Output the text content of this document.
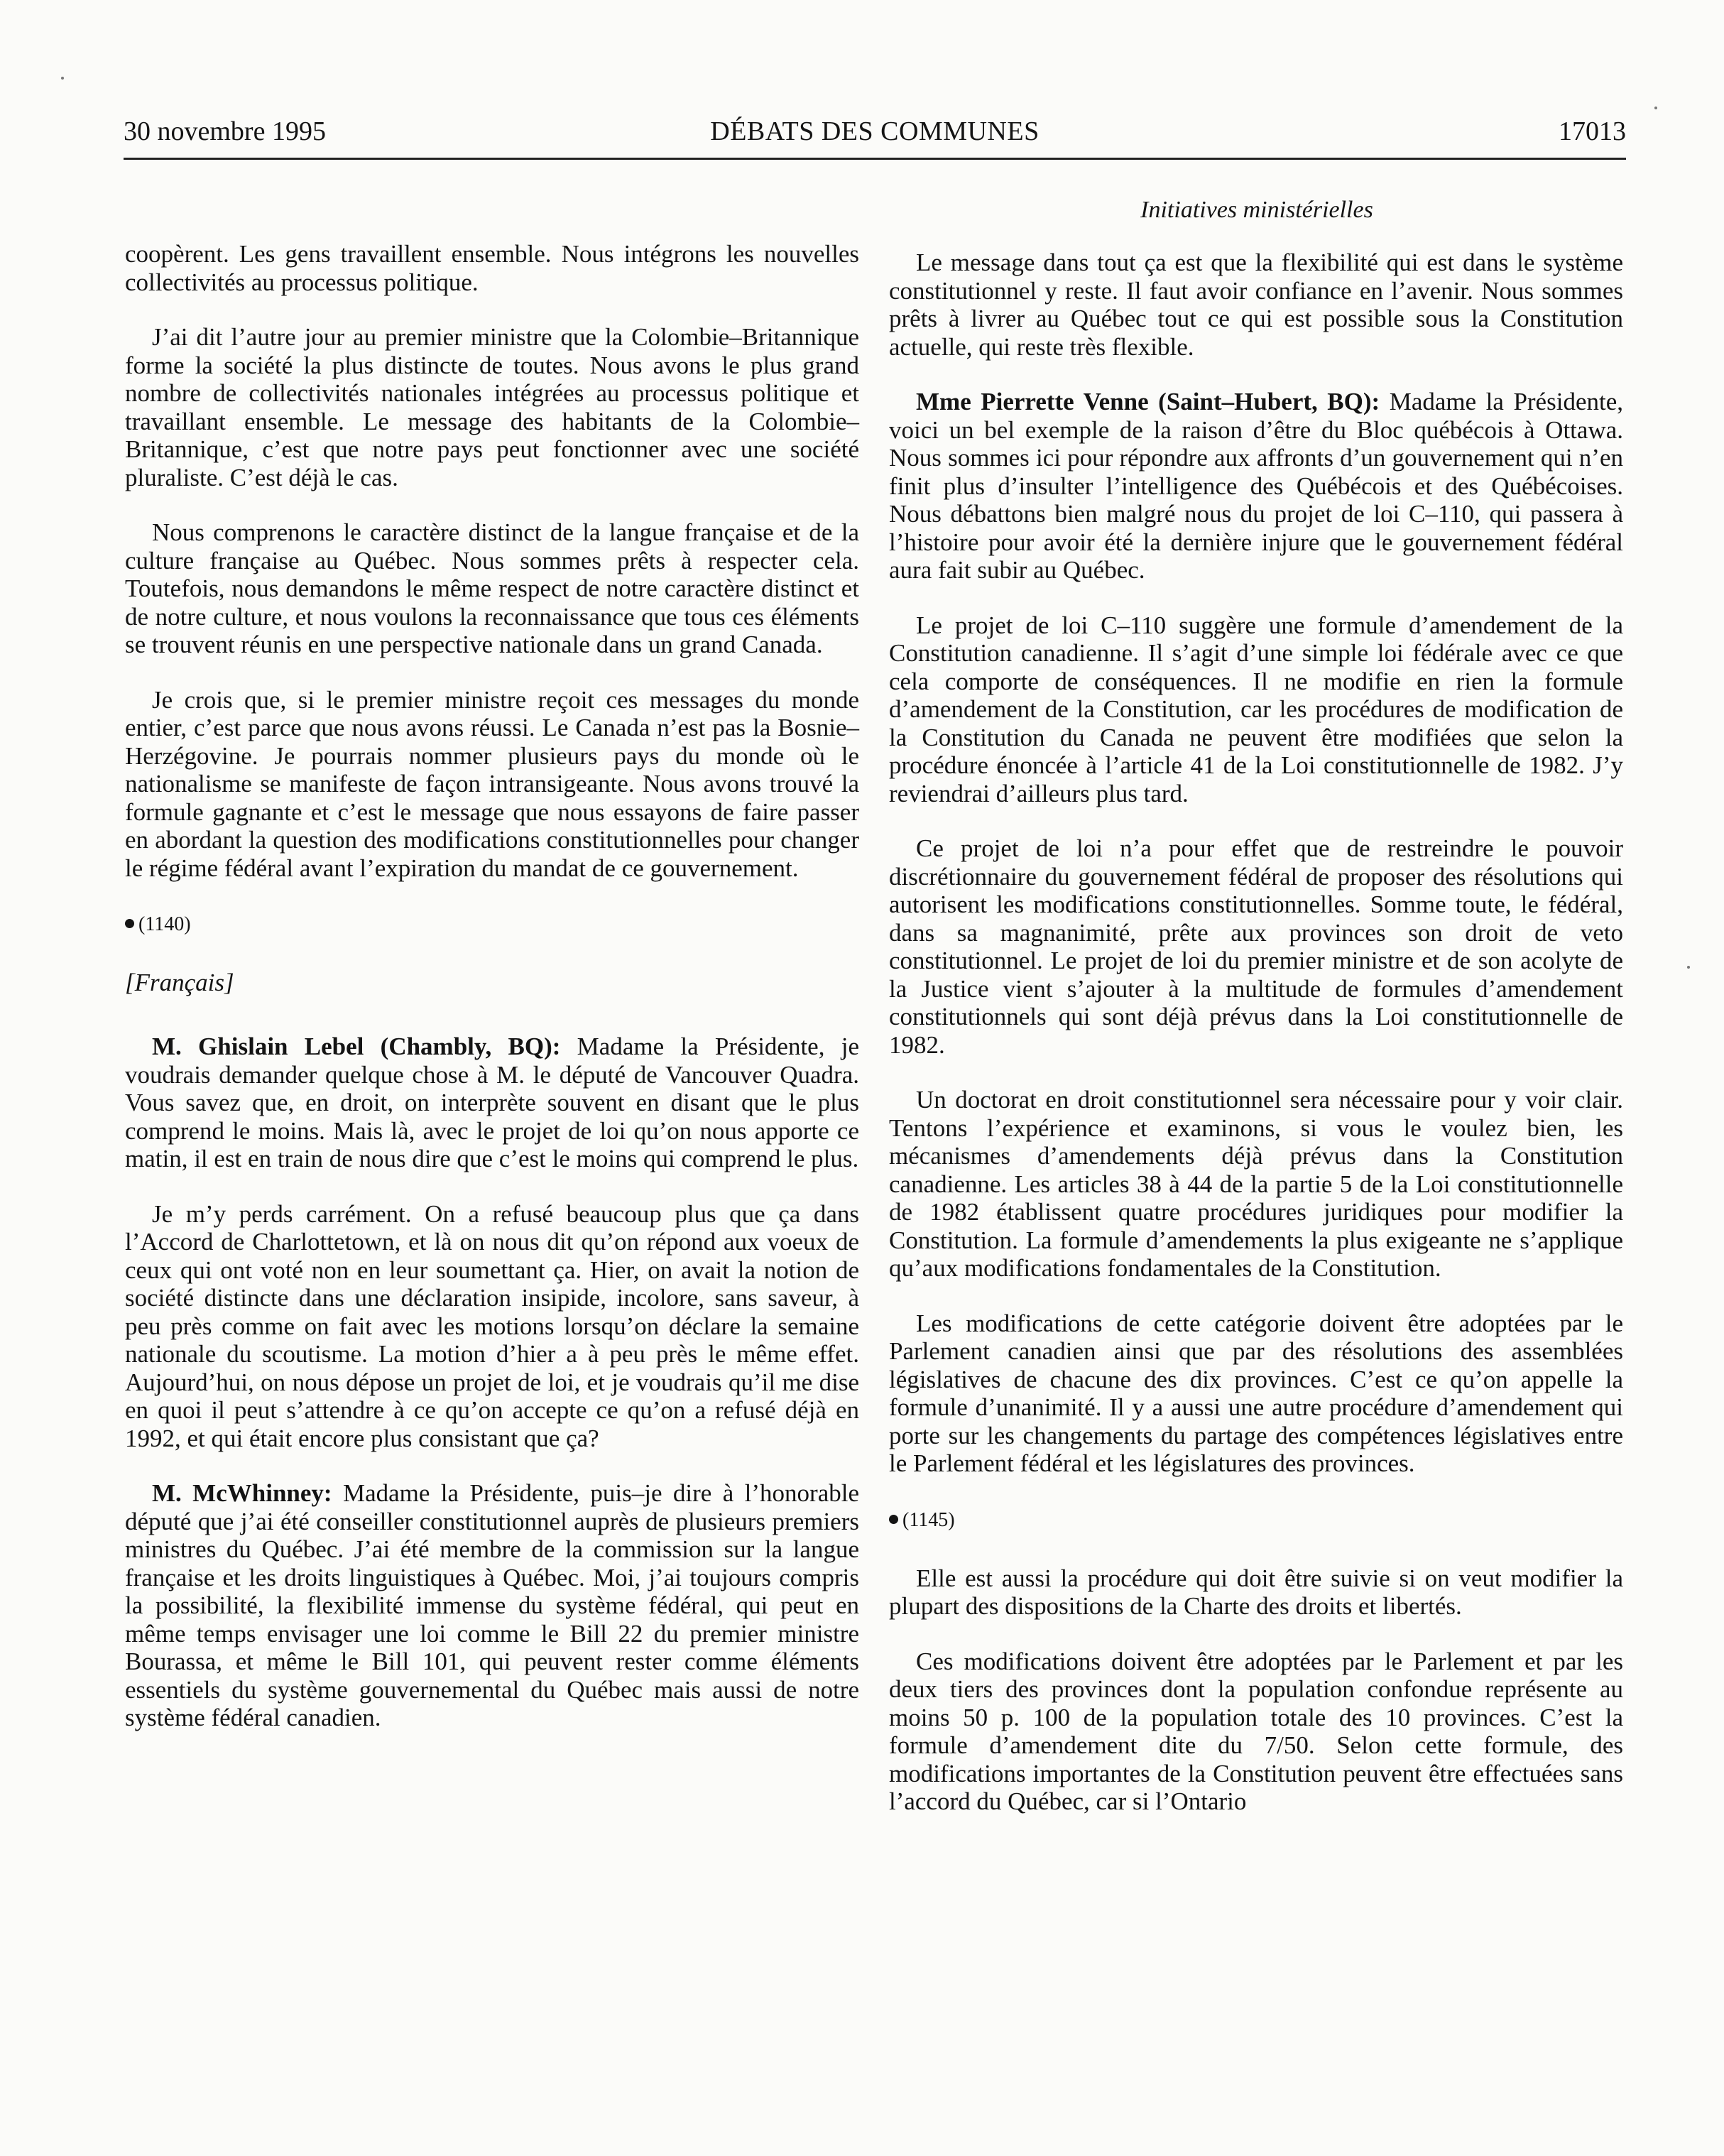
30 novembre 1995	DÉBATS DES COMMUNES	17013
Initiatives ministérielles

coopèrent. Les gens travaillent ensemble. Nous intégrons les nouvelles collectivités au processus politique.

J’ai dit l’autre jour au premier ministre que la Colombie–Britannique forme la société la plus distincte de toutes. Nous avons le plus grand nombre de collectivités nationales intégrées au processus politique et travaillant ensemble. Le message des habitants de la Colombie–Britannique, c’est que notre pays peut fonctionner avec une société pluraliste. C’est déjà le cas.

Nous comprenons le caractère distinct de la langue française et de la culture française au Québec. Nous sommes prêts à respecter cela. Toutefois, nous demandons le même respect de notre caractère distinct et de notre culture, et nous voulons la reconnaissance que tous ces éléments se trouvent réunis en une perspective nationale dans un grand Canada.

Je crois que, si le premier ministre reçoit ces messages du monde entier, c’est parce que nous avons réussi. Le Canada n’est pas la Bosnie–Herzégovine. Je pourrais nommer plusieurs pays du monde où le nationalisme se manifeste de façon intransigeante. Nous avons trouvé la formule gagnante et c’est le message que nous essayons de faire passer en abordant la question des modifications constitutionnelles pour changer le régime fédéral avant l’expiration du mandat de ce gouvernement.

(1140)
[Français]

M. Ghislain Lebel (Chambly, BQ): Madame la Présidente, je voudrais demander quelque chose à M. le député de Vancouver Quadra. Vous savez que, en droit, on interprète souvent en disant que le plus comprend le moins. Mais là, avec le projet de loi qu’on nous apporte ce matin, il est en train de nous dire que c’est le moins qui comprend le plus.

Je m’y perds carrément. On a refusé beaucoup plus que ça dans l’Accord de Charlottetown, et là on nous dit qu’on répond aux voeux de ceux qui ont voté non en leur soumettant ça. Hier, on avait la notion de société distincte dans une déclaration insipide, incolore, sans saveur, à peu près comme on fait avec les motions lorsqu’on déclare la semaine nationale du scoutisme. La motion d’hier a à peu près le même effet. Aujourd’hui, on nous dépose un projet de loi, et je voudrais qu’il me dise en quoi il peut s’attendre à ce qu’on accepte ce qu’on a refusé déjà en 1992, et qui était encore plus consistant que ça?

M. McWhinney: Madame la Présidente, puis–je dire à l’honorable député que j’ai été conseiller constitutionnel auprès de plusieurs premiers ministres du Québec. J’ai été membre de la commission sur la langue française et les droits linguistiques à Québec. Moi, j’ai toujours compris la possibilité, la flexibilité immense du système fédéral, qui peut en même temps envisager une loi comme le Bill 22 du premier ministre Bourassa, et même le Bill 101, qui peuvent rester comme éléments essentiels du système gouvernemental du Québec mais aussi de notre système fédéral canadien.

Le message dans tout ça est que la flexibilité qui est dans le système constitutionnel y reste. Il faut avoir confiance en l’avenir. Nous sommes prêts à livrer au Québec tout ce qui est possible sous la Constitution actuelle, qui reste très flexible.

Mme Pierrette Venne (Saint–Hubert, BQ): Madame la Présidente, voici un bel exemple de la raison d’être du Bloc québécois à Ottawa. Nous sommes ici pour répondre aux affronts d’un gouvernement qui n’en finit plus d’insulter l’intelligence des Québécois et des Québécoises. Nous débattons bien malgré nous du projet de loi C–110, qui passera à l’histoire pour avoir été la dernière injure que le gouvernement fédéral aura fait subir au Québec.

Le projet de loi C–110 suggère une formule d’amendement de la Constitution canadienne. Il s’agit d’une simple loi fédérale avec ce que cela comporte de conséquences. Il ne modifie en rien la formule d’amendement de la Constitution, car les procédures de modification de la Constitution du Canada ne peuvent être modifiées que selon la procédure énoncée à l’article 41 de la Loi constitutionnelle de 1982. J’y reviendrai d’ailleurs plus tard.

Ce projet de loi n’a pour effet que de restreindre le pouvoir discrétionnaire du gouvernement fédéral de proposer des résolutions qui autorisent les modifications constitutionnelles. Somme toute, le fédéral, dans sa magnanimité, prête aux provinces son droit de veto constitutionnel. Le projet de loi du premier ministre et de son acolyte de la Justice vient s’ajouter à la multitude de formules d’amendement constitutionnels qui sont déjà prévus dans la Loi constitutionnelle de 1982.

Un doctorat en droit constitutionnel sera nécessaire pour y voir clair. Tentons l’expérience et examinons, si vous le voulez bien, les mécanismes d’amendements déjà prévus dans la Constitution canadienne. Les articles 38 à 44 de la partie 5 de la Loi constitutionnelle de 1982 établissent quatre procédures juridiques pour modifier la Constitution. La formule d’amendements la plus exigeante ne s’applique qu’aux modifications fondamentales de la Constitution.

Les modifications de cette catégorie doivent être adoptées par le Parlement canadien ainsi que par des résolutions des assemblées législatives de chacune des dix provinces. C’est ce qu’on appelle la formule d’unanimité. Il y a aussi une autre procédure d’amendement qui porte sur les changements du partage des compétences législatives entre le Parlement fédéral et les législatures des provinces.

(1145)

Elle est aussi la procédure qui doit être suivie si on veut modifier la plupart des dispositions de la Charte des droits et libertés.

Ces modifications doivent être adoptées par le Parlement et par les deux tiers des provinces dont la population confondue représente au moins 50 p. 100 de la population totale des 10 provinces. C’est la formule d’amendement dite du 7/50. Selon cette formule, des modifications importantes de la Constitution peuvent être effectuées sans l’accord du Québec, car si l’Ontario
